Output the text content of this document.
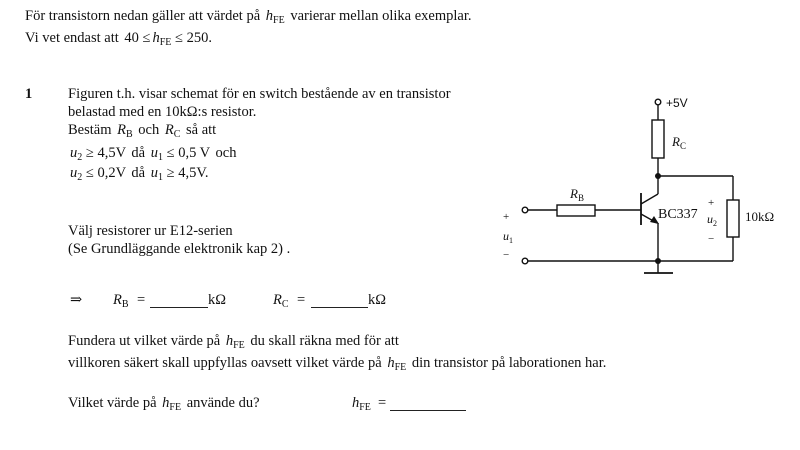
För transistorn nedan gäller att värdet på $h_{FE}$ varierar mellan olika exemplar.
Vi vet endast att $40 \le h_{FE} \le 250$.
1 Figuren t.h. visar schemat för en switch bestående av en transistor
belastad med en 10kΩ:s resistor.
Bestäm $R_B$ och $R_C$ så att
$u_2 \ge 4,5V$ då $u_1 \le 0,5$ V och
$u_2 \le 0,2V$ då $u_1 \ge 4,5V$.
Välj resistorer ur E12-serien
(Se Grundläggande elektronik kap 2) .
⇒ $R_B$ =	kΩ	$R_C$ =	kΩ
Fundera ut vilket värde på $h_{FE}$ du skall räkna med för att
villkoren säkert skall uppfyllas oavsett vilket värde på $h_{FE}$ din transistor på laborationen har.
Vilket värde på $h_{FE}$ använde du?	$h_{FE}$ =
+5V
$R_C$
$R_B$
BC337	10kΩ
+
$u_1$
−
+
$u_2$
−
